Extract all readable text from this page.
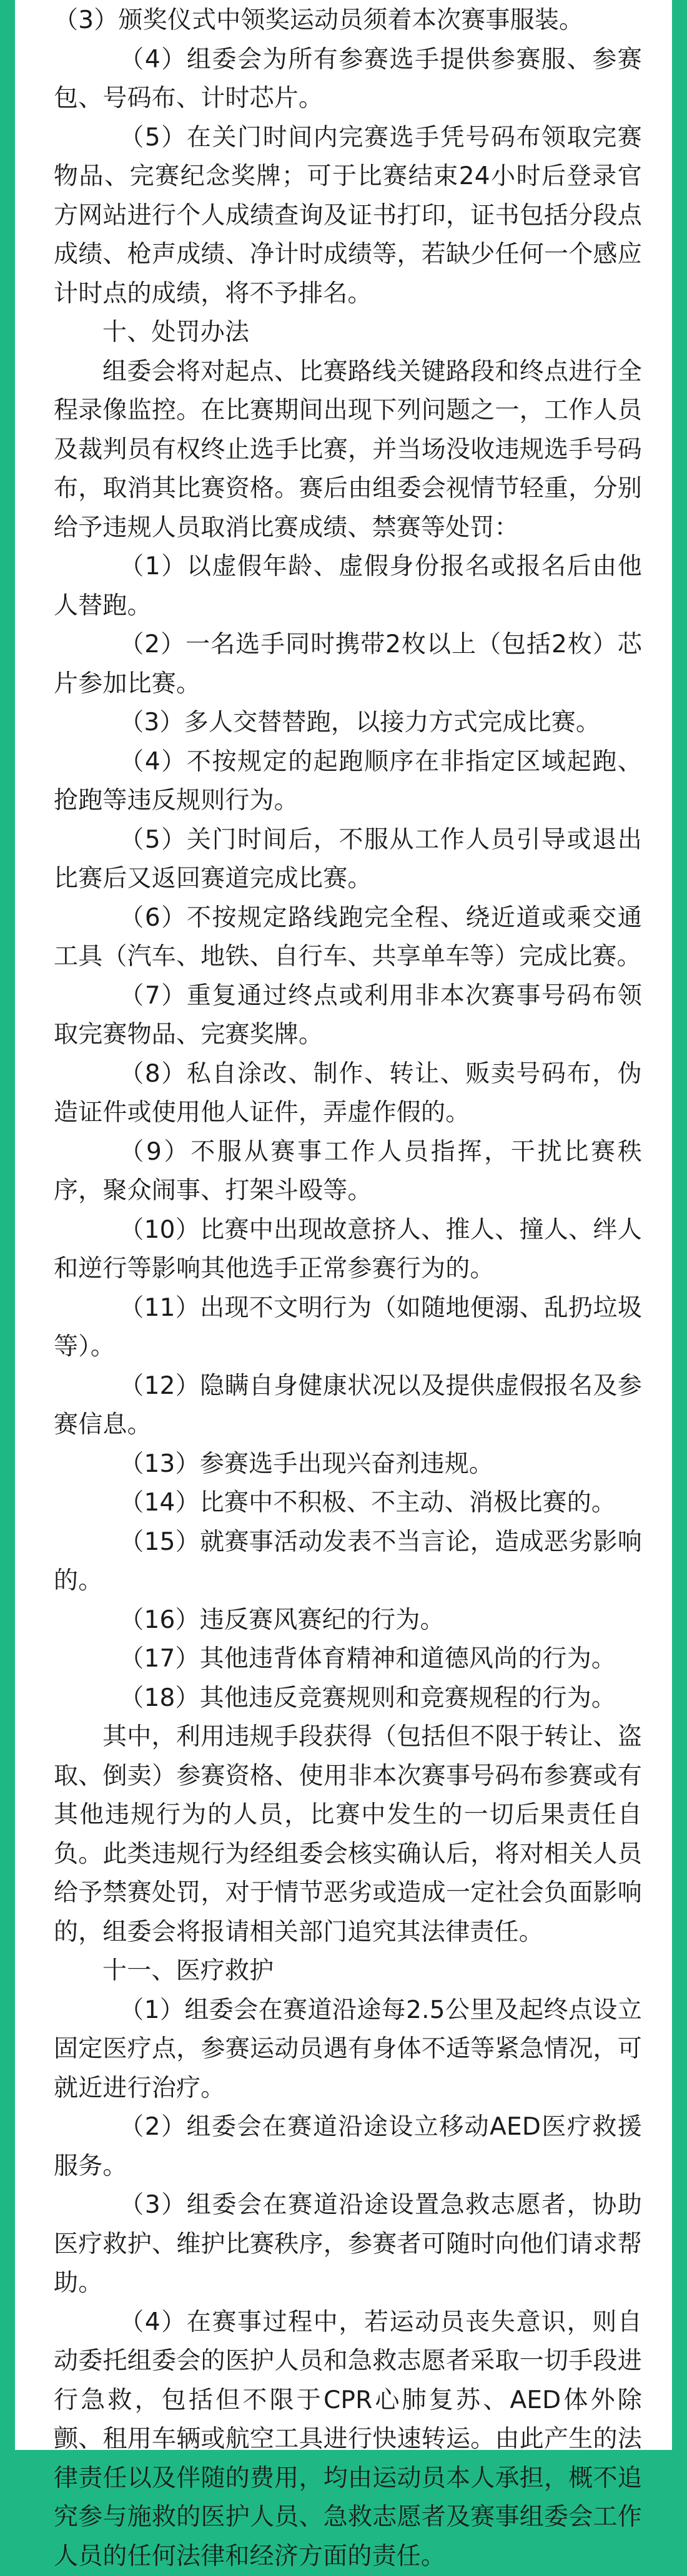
（3）颁奖仪式中领奖运动员须着本次赛事服装。

（4）组委会为所有参赛选手提供参赛服、参赛包、号码布、计时芯片。

（5）在关门时间内完赛选手凭号码布领取完赛物品、完赛纪念奖牌；可于比赛结束24小时后登录官方网站进行个人成绩查询及证书打印，证书包括分段点成绩、枪声成绩、净计时成绩等，若缺少任何一个感应计时点的成绩，将不予排名。

十、处罚办法

组委会将对起点、比赛路线关键路段和终点进行全程录像监控。在比赛期间出现下列问题之一，工作人员及裁判员有权终止选手比赛，并当场没收违规选手号码布，取消其比赛资格。赛后由组委会视情节轻重，分别给予违规人员取消比赛成绩、禁赛等处罚：

（1）以虚假年龄、虚假身份报名或报名后由他人替跑。

（2）一名选手同时携带2枚以上（包括2枚）芯片参加比赛。

（3）多人交替替跑，以接力方式完成比赛。

（4）不按规定的起跑顺序在非指定区域起跑、抢跑等违反规则行为。

（5）关门时间后，不服从工作人员引导或退出比赛后又返回赛道完成比赛。

（6）不按规定路线跑完全程、绕近道或乘交通工具（汽车、地铁、自行车、共享单车等）完成比赛。

（7）重复通过终点或利用非本次赛事号码布领取完赛物品、完赛奖牌。

（8）私自涂改、制作、转让、贩卖号码布，伪造证件或使用他人证件，弄虚作假的。

（9）不服从赛事工作人员指挥，干扰比赛秩序，聚众闹事、打架斗殴等。

（10）比赛中出现故意挤人、推人、撞人、绊人和逆行等影响其他选手正常参赛行为的。

（11）出现不文明行为（如随地便溺、乱扔垃圾等）。

（12）隐瞒自身健康状况以及提供虚假报名及参赛信息。

（13）参赛选手出现兴奋剂违规。

（14）比赛中不积极、不主动、消极比赛的。

（15）就赛事活动发表不当言论，造成恶劣影响的。

（16）违反赛风赛纪的行为。

（17）其他违背体育精神和道德风尚的行为。

（18）其他违反竞赛规则和竞赛规程的行为。

其中，利用违规手段获得（包括但不限于转让、盗取、倒卖）参赛资格、使用非本次赛事号码布参赛或有其他违规行为的人员，比赛中发生的一切后果责任自负。此类违规行为经组委会核实确认后，将对相关人员给予禁赛处罚，对于情节恶劣或造成一定社会负面影响的，组委会将报请相关部门追究其法律责任。

十一、医疗救护

（1）组委会在赛道沿途每2.5公里及起终点设立固定医疗点，参赛运动员遇有身体不适等紧急情况，可就近进行治疗。

（2）组委会在赛道沿途设立移动AED医疗救援服务。

（3）组委会在赛道沿途设置急救志愿者，协助医疗救护、维护比赛秩序，参赛者可随时向他们请求帮助。

（4）在赛事过程中，若运动员丧失意识，则自动委托组委会的医护人员和急救志愿者采取一切手段进行急救，包括但不限于CPR心肺复苏、AED体外除颤、租用车辆或航空工具进行快速转运。由此产生的法律责任以及伴随的费用，均由运动员本人承担，概不追究参与施救的医护人员、急救志愿者及赛事组委会工作人员的任何法律和经济方面的责任。
